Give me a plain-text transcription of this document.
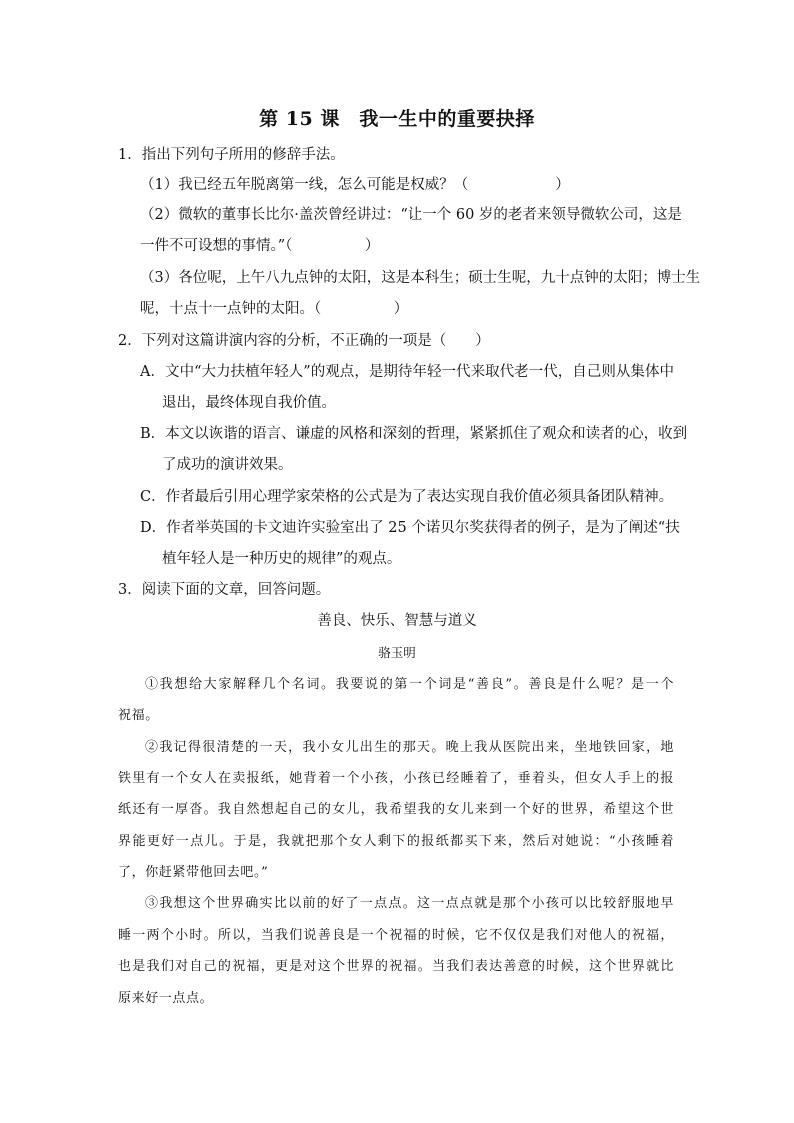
第 15 课　我一生中的重要抉择
1．指出下列句子所用的修辞手法。
（1）我已经五年脱离第一线，怎么可能是权威？（　　　　　　）
（2）微软的董事长比尔·盖茨曾经讲过：“让一个 60 岁的老者来领导微软公司，这是
一件不可设想的事情。”（　　　　　）
（3）各位呢，上午八九点钟的太阳，这是本科生；硕士生呢，九十点钟的太阳；博士生
呢，十点十一点钟的太阳。（　　　　　）
2．下列对这篇讲演内容的分析，不正确的一项是（　　）
A．文中“大力扶植年轻人”的观点，是期待年轻一代来取代老一代，自己则从集体中
退出，最终体现自我价值。
B．本文以诙谐的语言、谦虚的风格和深刻的哲理，紧紧抓住了观众和读者的心，收到
了成功的演讲效果。
C．作者最后引用心理学家荣格的公式是为了表达实现自我价值必须具备团队精神。
D．作者举英国的卡文迪许实验室出了 25 个诺贝尔奖获得者的例子，是为了阐述“扶
植年轻人是一种历史的规律”的观点。
3．阅读下面的文章，回答问题。
善良、快乐、智慧与道义
骆玉明
①我想给大家解释几个名词。我要说的第一个词是“善良”。善良是什么呢？是一个
祝福。
②我记得很清楚的一天，我小女儿出生的那天。晚上我从医院出来，坐地铁回家，地
铁里有一个女人在卖报纸，她背着一个小孩，小孩已经睡着了，垂着头，但女人手上的报
纸还有一厚沓。我自然想起自己的女儿，我希望我的女儿来到一个好的世界，希望这个世
界能更好一点儿。于是，我就把那个女人剩下的报纸都买下来，然后对她说：“小孩睡着
了，你赶紧带他回去吧。”
③我想这个世界确实比以前的好了一点点。这一点点就是那个小孩可以比较舒服地早
睡一两个小时。所以，当我们说善良是一个祝福的时候，它不仅仅是我们对他人的祝福，
也是我们对自己的祝福，更是对这个世界的祝福。当我们表达善意的时候，这个世界就比
原来好一点点。
